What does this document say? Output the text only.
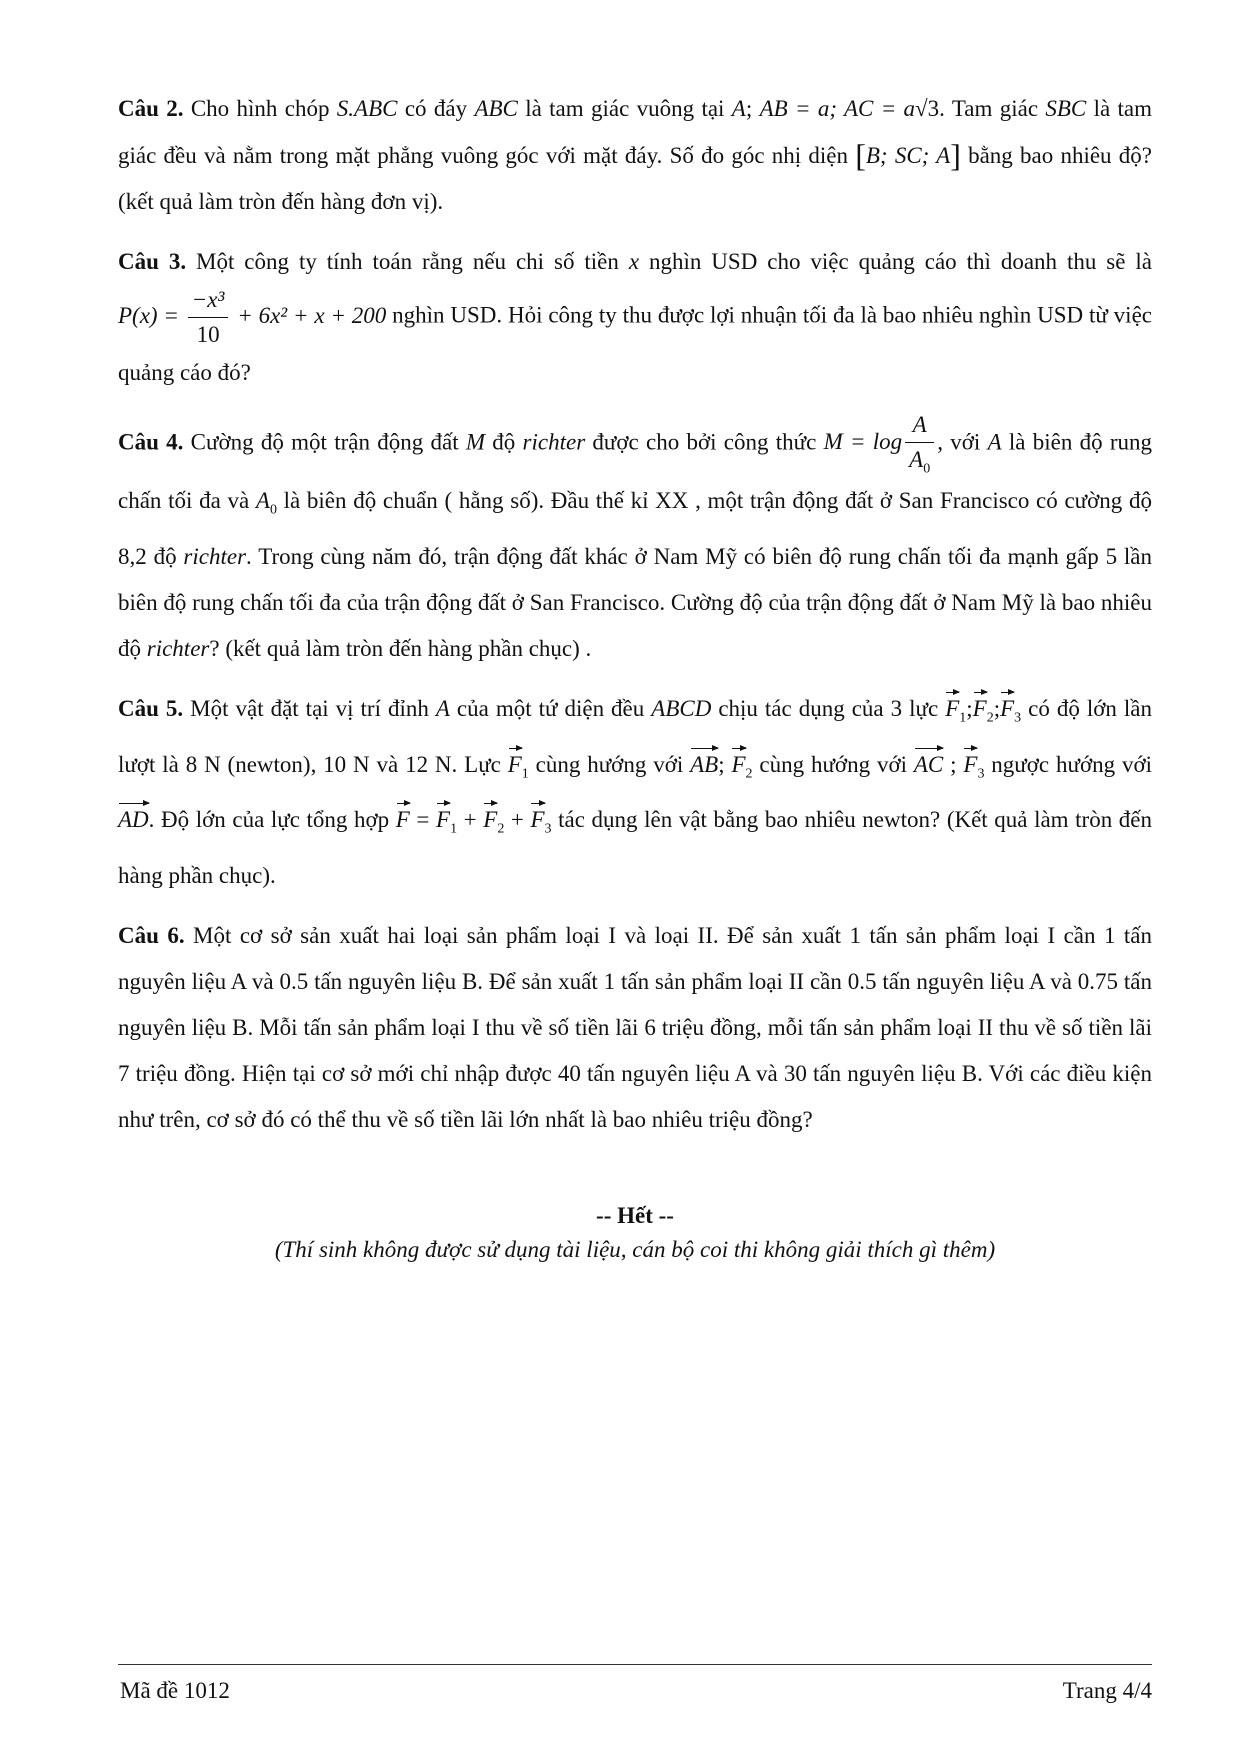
Câu 2. Cho hình chóp S.ABC có đáy ABC là tam giác vuông tại A; AB = a; AC = a√3. Tam giác SBC là tam giác đều và nằm trong mặt phẳng vuông góc với mặt đáy. Số đo góc nhị diện [B; SC; A] bằng bao nhiêu độ? (kết quả làm tròn đến hàng đơn vị).

Câu 3. Một công ty tính toán rằng nếu chi số tiền x nghìn USD cho việc quảng cáo thì doanh thu sẽ là $P(x) = \frac{\text{−x³}}{10} + 6x^2 + x + 200$ nghìn USD. Hỏi công ty thu được lợi nhuận tối đa là bao nhiêu nghìn USD từ việc quảng cáo đó?

Câu 4. Cường độ một trận động đất M độ richter được cho bởi công thức $M = \log \frac{A}{A_0}$ , với A là biên độ rung chấn tối đa và $A_0$ là biên độ chuẩn ( hằng số). Đầu thế kỉ XX , một trận động đất ở San Francisco có cường độ 8,2 độ richter. Trong cùng năm đó, trận động đất khác ở Nam Mỹ có biên độ rung chấn tối đa mạnh gấp 5 lần biên độ rung chấn tối đa của trận động đất ở San Francisco. Cường độ của trận động đất ở Nam Mỹ là bao nhiêu độ richter? (kết quả làm tròn đến hàng phần chục) .

Câu 5. Một vật đặt tại vị trí đỉnh A của một tứ diện đều ABCD chịu tác dụng của 3 lực $F_1;F_2;F_3$ có độ lớn lần lượt là 8 N (newton), 10 N và 12 N. Lực $F_1$ cùng hướng với AB; $F_2$ cùng hướng với AC ; $F_3$ ngược hướng với AD. Độ lớn của lực tổng hợp $F = F_1 + F_2 + F_3$ tác dụng lên vật bằng bao nhiêu newton? (Kết quả làm tròn đến hàng phần chục).

Câu 6. Một cơ sở sản xuất hai loại sản phẩm loại I và loại II. Để sản xuất 1 tấn sản phẩm loại I cần 1 tấn nguyên liệu A và 0.5 tấn nguyên liệu B. Để sản xuất 1 tấn sản phẩm loại II cần 0.5 tấn nguyên liệu A và 0.75 tấn nguyên liệu B. Mỗi tấn sản phẩm loại I thu về số tiền lãi 6 triệu đồng, mỗi tấn sản phẩm loại II thu về số tiền lãi 7 triệu đồng. Hiện tại cơ sở mới chỉ nhập được 40 tấn nguyên liệu A và 30 tấn nguyên liệu B. Với các điều kiện như trên, cơ sở đó có thể thu về số tiền lãi lớn nhất là bao nhiêu triệu đồng?

-- Hết --
(Thí sinh không được sử dụng tài liệu, cán bộ coi thi không giải thích gì thêm)
Mã đề 1012	Trang 4/4
